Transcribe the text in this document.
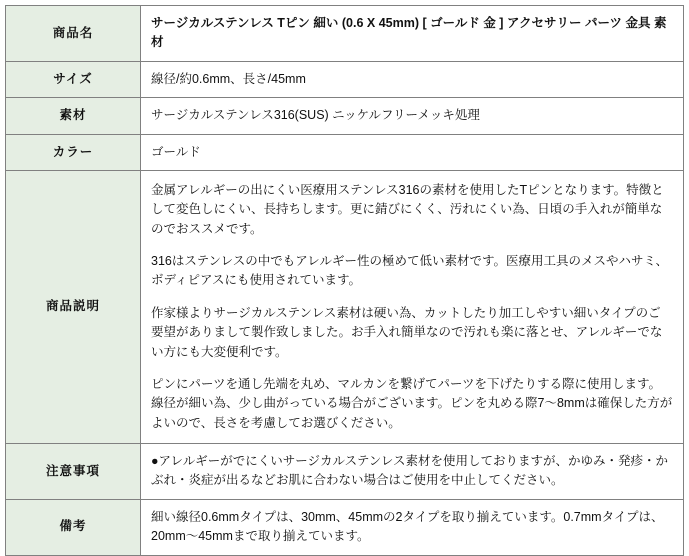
商品名	サージカルステンレス Tピン 細い (0.6 X 45mm) [ ゴールド 金 ] アクセサリー パーツ 金具 素材
サイズ	線径/約0.6mm、長さ/45mm
素材	サージカルステンレス316(SUS) ニッケルフリーメッキ処理
カラー	ゴールド
商品説明	金属アレルギーの出にくい医療用ステンレス316の素材を使用したTピンとなります。特徴として変色しにくい、長持ちします。更に錆びにくく、汚れにくい為、日頃の手入れが簡単なのでおススメです。

316はステンレスの中でもアレルギー性の極めて低い素材です。医療用工具のメスやハサミ、ボディピアスにも使用されています。

作家様よりサージカルステンレス素材は硬い為、カットしたり加工しやすい細いタイプのご要望がありまして製作致しました。お手入れ簡単なので汚れも楽に落とせ、アレルギーでない方にも大変便利です。

ピンにパーツを通し先端を丸め、マルカンを繋げてパーツを下げたりする際に使用します。線径が細い為、少し曲がっている場合がございます。ピンを丸める際7〜8mmは確保した方がよいので、長さを考慮してお選びください。

注意事項	●アレルギーがでにくいサージカルステンレス素材を使用しておりますが、かゆみ・発疹・かぶれ・炎症が出るなどお肌に合わない場合はご使用を中止してください。

備考	細い線径0.6mmタイプは、30mm、45mmの2タイプを取り揃えています。0.7mmタイプは、20mm〜45mmまで取り揃えています。
